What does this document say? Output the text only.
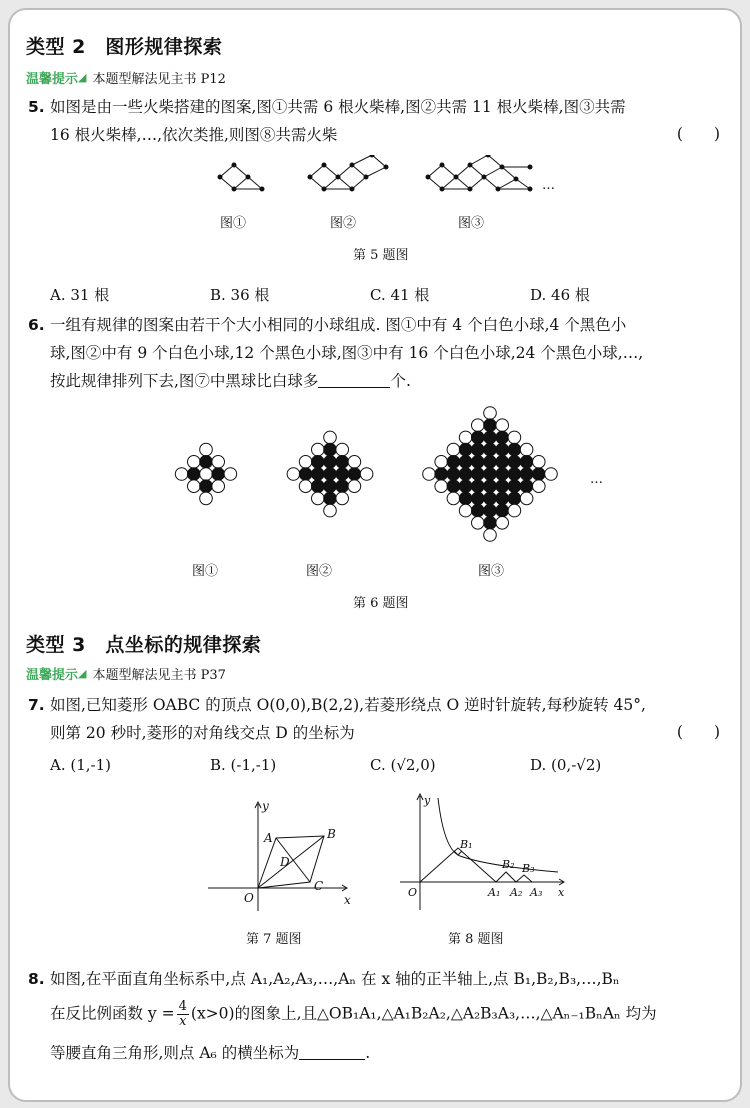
类型 2　图形规律探索
温馨提示 ◢ 本题型解法见主书 P12
5. 如图是由一些火柴搭建的图案,图①共需 6 根火柴棒,图②共需 11 根火柴棒,图③共需
16 根火柴棒,…,依次类推,则图⑧共需火柴	(　　)
…
图①	图②	图③
第 5 题图
A. 31 根	B. 36 根	C. 41 根	D. 46 根
6. 一组有规律的图案由若干个大小相同的小球组成. 图①中有 4 个白色小球,4 个黑色小
球,图②中有 9 个白色小球,12 个黑色小球,图③中有 16 个白色小球,24 个黑色小球,…,
按此规律排列下去,图⑦中黑球比白球多	个.
…
图①	图②	图③
第 6 题图
类型 3　点坐标的规律探索
温馨提示 ◢ 本题型解法见主书 P37
7. 如图,已知菱形 OABC 的顶点 O(0,0),B(2,2),若菱形绕点 O 逆时针旋转,每秒旋转 45°,
则第 20 秒时,菱形的对角线交点 D 的坐标为	(　　)
A. (1,-1)	B. (-1,-1)	C. (√2,0)	D. (0,-√2)
y
x
O
A	B
C
D
y
x
O
B₁
B₂ B₃
A₁ A₂ A₃
第 7 题图	第 8 题图
8. 如图,在平面直角坐标系中,点 A₁,A₂,A₃,…,Aₙ 在 x 轴的正半轴上,点 B₁,B₂,B₃,…,Bₙ
在反比例函数 $y = \frac{4}{x} (x>0)$的图象上,且△OB₁A₁,△A₁B₂A₂,△A₂B₃A₃,…,△Aₙ₋₁BₙAₙ 均为
等腰直角三角形,则点 A₆ 的横坐标为	.
